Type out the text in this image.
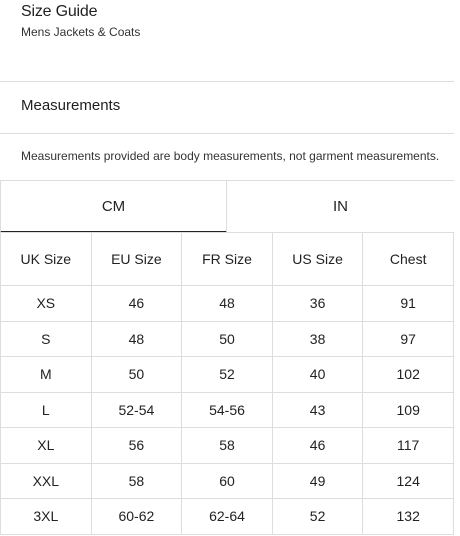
Size Guide
Mens Jackets & Coats
Measurements
Measurements provided are body measurements, not garment measurements.
CM	IN
UK Size	EU Size	FR Size	US Size	Chest
XS	46	48	36	91
S	48	50	38	97
M	50	52	40	102
L	52-54	54-56	43	109
XL	56	58	46	117
XXL	58	60	49	124
3XL	60-62	62-64	52	132
